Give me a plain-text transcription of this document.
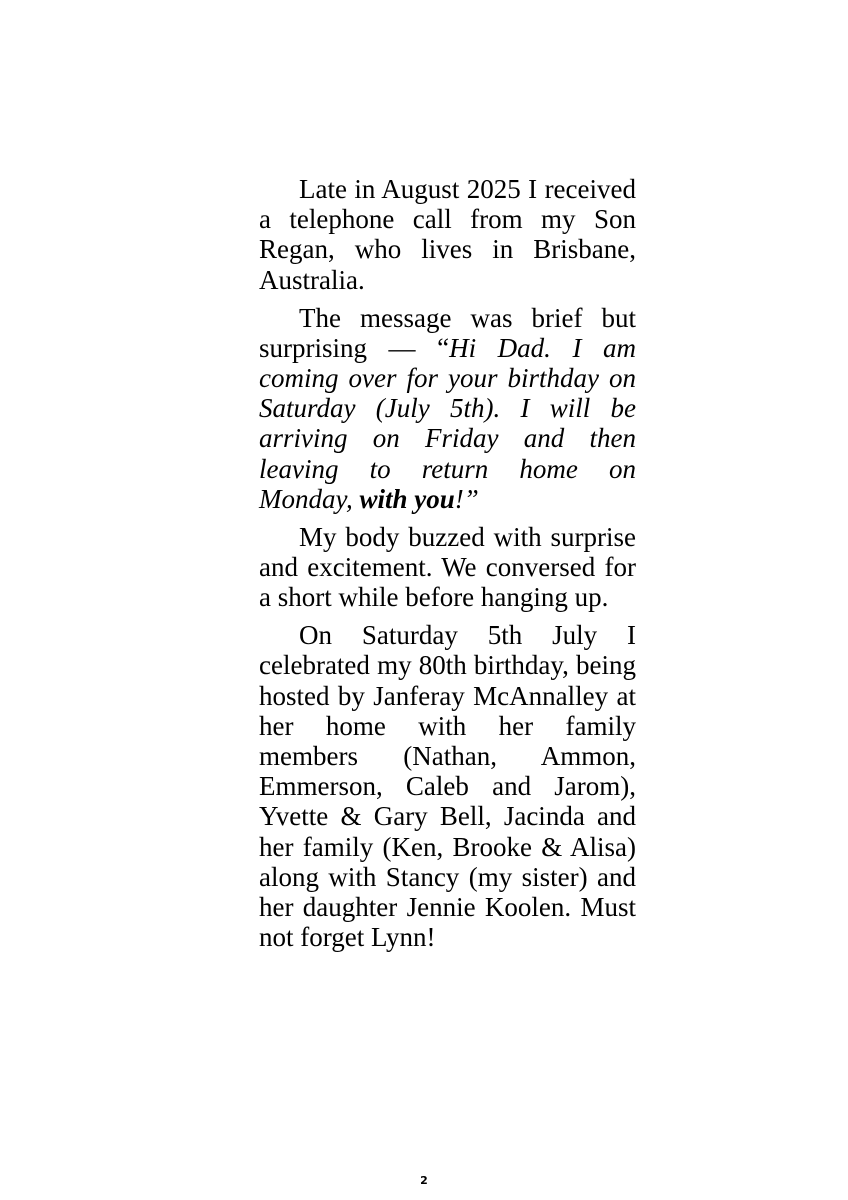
Late in August 2025 I received a telephone call from my Son Regan, who lives in Brisbane, Australia.

The message was brief but surprising — “Hi Dad. I am coming over for your birthday on Saturday (July 5th). I will be arriving on Friday and then leaving to return home on Monday, with you!”

My body buzzed with surprise and excitement. We conversed for a short while before hanging up.

On Saturday 5th July I celebrated my 80th birthday, being hosted by Janferay McAnnalley at her home with her family members (Nathan, Ammon, Emmerson, Caleb and Jarom), Yvette & Gary Bell, Jacinda and her family (Ken, Brooke & Alisa) along with Stancy (my sister) and her daughter Jennie Koolen. Must not forget Lynn!

2
